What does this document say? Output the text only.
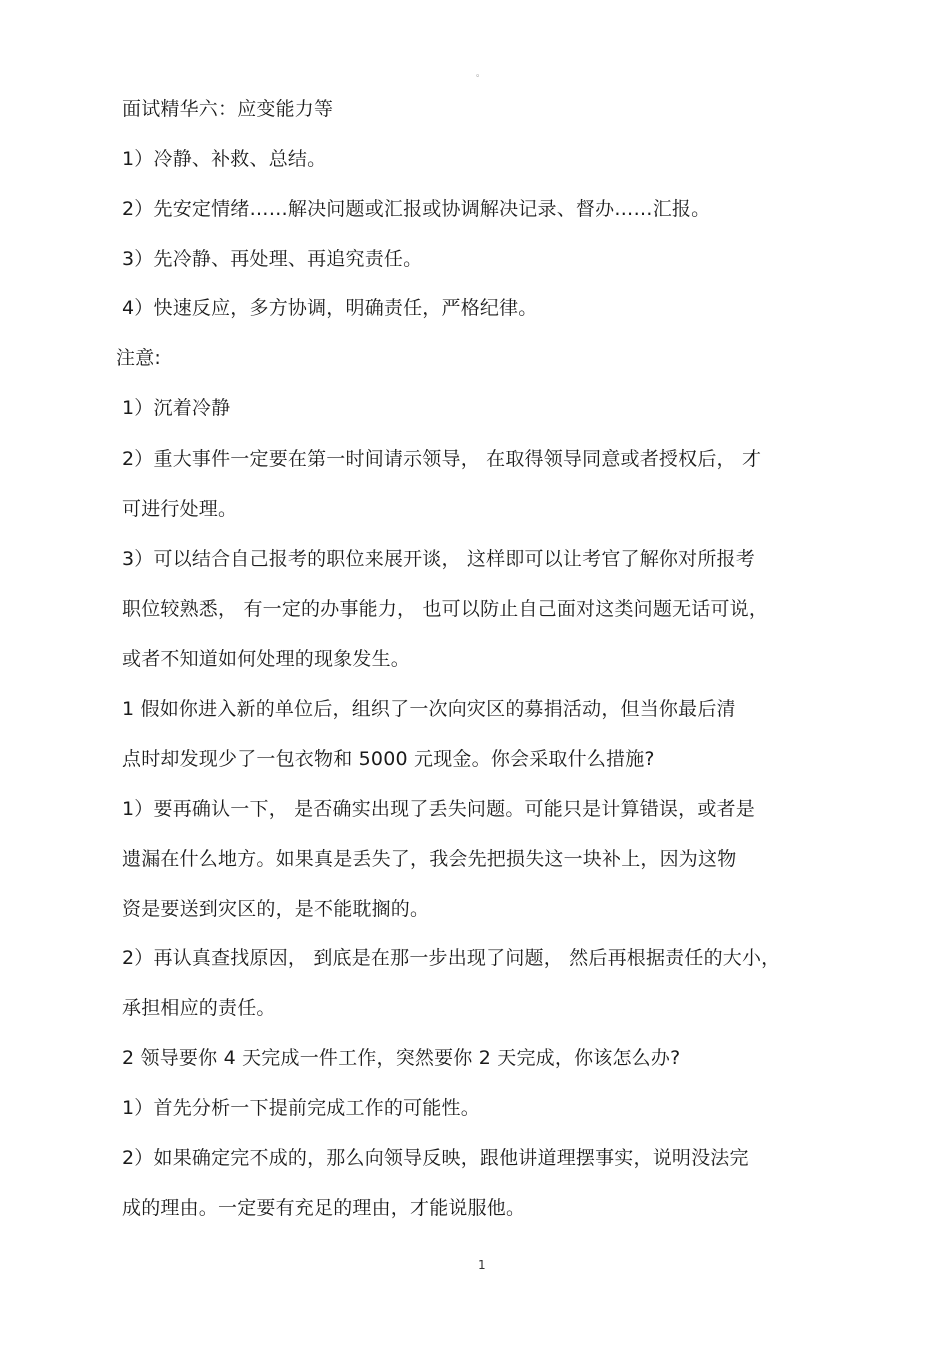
。
面试精华六：应变能力等
1）冷静、补救、总结。
2）先安定情绪……解决问题或汇报或协调解决记录、督办……汇报。
3）先冷静、再处理、再追究责任。
4）快速反应，多方协调，明确责任，严格纪律。
注意:
1）沉着冷静
2）重大事件一定要在第一时间请示领导， 在取得领导同意或者授权后， 才
可进行处理。
3）可以结合自己报考的职位来展开谈， 这样即可以让考官了解你对所报考
职位较熟悉， 有一定的办事能力， 也可以防止自己面对这类问题无话可说，
或者不知道如何处理的现象发生。
1 假如你进入新的单位后，组织了一次向灾区的募捐活动，但当你最后清
点时却发现少了一包衣物和 5000 元现金。你会采取什么措施?
1）要再确认一下， 是否确实出现了丢失问题。可能只是计算错误，或者是
遗漏在什么地方。如果真是丢失了，我会先把损失这一块补上，因为这物
资是要送到灾区的，是不能耽搁的。
2）再认真查找原因， 到底是在那一步出现了问题， 然后再根据责任的大小，
承担相应的责任。
2 领导要你 4 天完成一件工作，突然要你 2 天完成，你该怎么办?
1）首先分析一下提前完成工作的可能性。
2）如果确定完不成的，那么向领导反映，跟他讲道理摆事实，说明没法完
成的理由。一定要有充足的理由，才能说服他。
1
